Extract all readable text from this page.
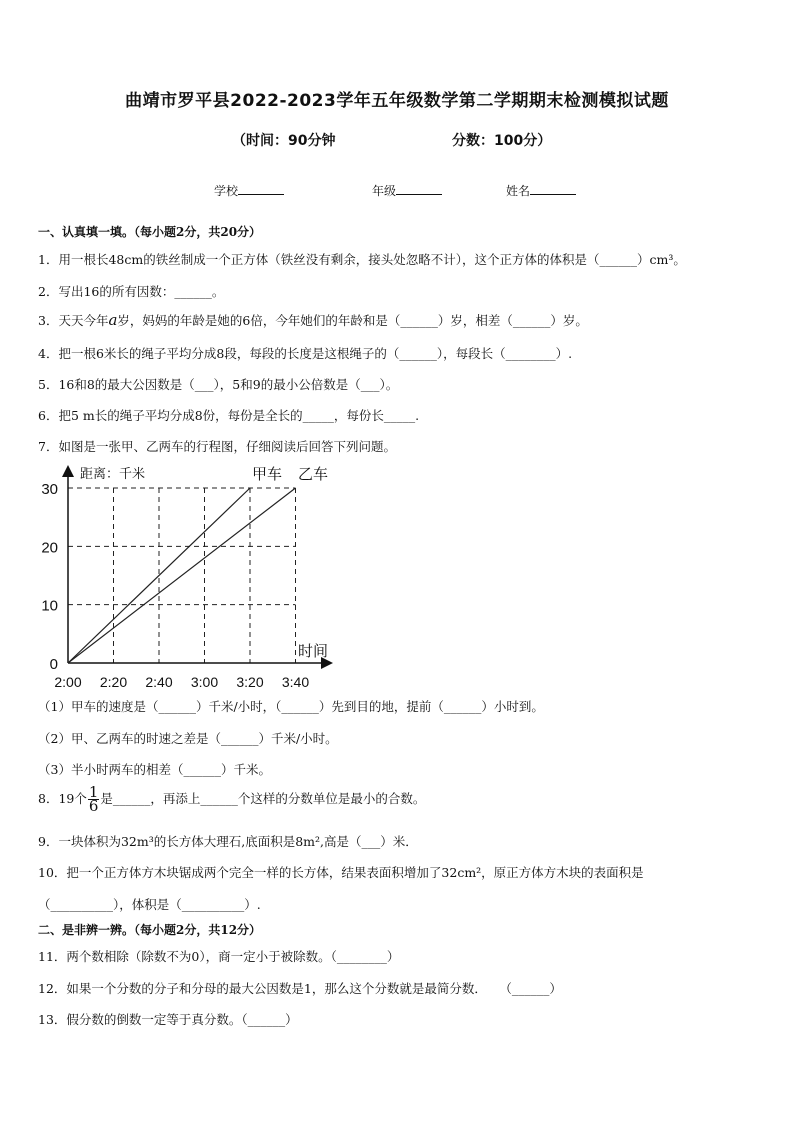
曲靖市罗平县2022-2023学年五年级数学第二学期期末检测模拟试题
（时间：90分钟	分数：100分）
学校	年级	姓名
一、认真填一填。（每小题2分，共20分）
1．用一根长48cm的铁丝制成一个正方体（铁丝没有剩余，接头处忽略不计），这个正方体的体积是（______）cm³。
2．写出16的所有因数：______。
3．天天今年a岁，妈妈的年龄是她的6倍，今年她们的年龄和是（______）岁，相差（______）岁。
4．把一根6米长的绳子平均分成8段，每段的长度是这根绳子的（______），每段长（________）.
5．16和8的最大公因数是（___），5和9的最小公倍数是（___）。
6．把5 m长的绳子平均分成8份，每份是全长的_____，每份长_____.
7．如图是一张甲、乙两车的行程图，仔细阅读后回答下列问题。
0
10
20
30
2:00 2:20 2:40 3:00 3:20 3:40
距离：千米
时间
甲车 乙车
（1）甲车的速度是（______）千米/小时，（______）先到目的地，提前（______）小时到。
（2）甲、乙两车的时速之差是（______）千米/小时。
（3）半小时两车的相差（______）千米。
8．19个 $\frac{1}{6}$ 是______，再添上______个这样的分数单位是最小的合数。
9．一块体积为32m³的长方体大理石,底面积是8m²,高是（___）米．
10．把一个正方体方木块锯成两个完全一样的长方体，结果表面积增加了32cm²，原正方体方木块的表面积是
（__________），体积是（__________）.
二、是非辨一辨。（每小题2分，共12分）
11．两个数相除（除数不为0），商一定小于被除数。（________）
12．如果一个分数的分子和分母的最大公因数是1，那么这个分数就是最简分数．　　（______）
13．假分数的倒数一定等于真分数。（______）
